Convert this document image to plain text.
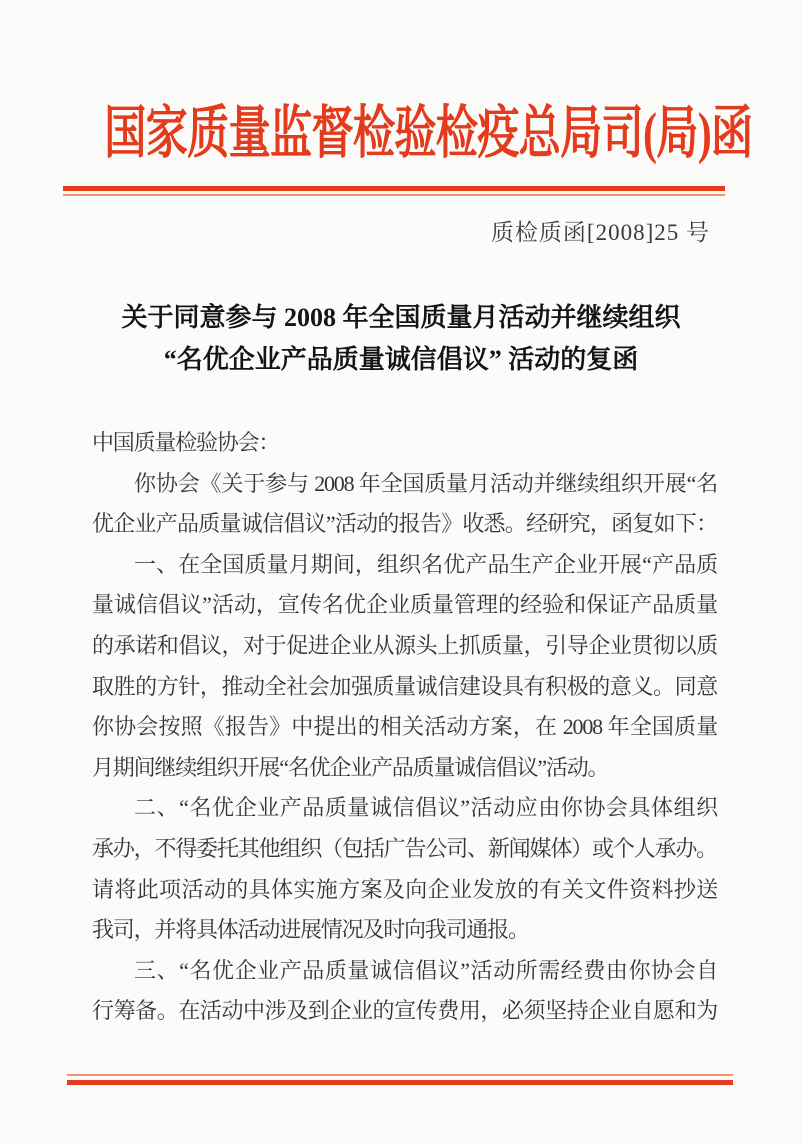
国家质量监督检验检疫总局司(局)函
质检质函[2008]25 号
关于同意参与 2008 年全国质量月活动并继续组织
“名优企业产品质量诚信倡议” 活动的复函
中国质量检验协会：
你协会《关于参与 2008 年全国质量月活动并继续组织开展“名
优企业产品质量诚信倡议”活动的报告》收悉。经研究，函复如下：
一、在全国质量月期间，组织名优产品生产企业开展“产品质
量诚信倡议”活动，宣传名优企业质量管理的经验和保证产品质量
的承诺和倡议，对于促进企业从源头上抓质量，引导企业贯彻以质
取胜的方针，推动全社会加强质量诚信建设具有积极的意义。同意
你协会按照《报告》中提出的相关活动方案，在 2008 年全国质量
月期间继续组织开展“名优企业产品质量诚信倡议”活动。
二、“名优企业产品质量诚信倡议”活动应由你协会具体组织
承办，不得委托其他组织（包括广告公司、新闻媒体）或个人承办。
请将此项活动的具体实施方案及向企业发放的有关文件资料抄送
我司，并将具体活动进展情况及时向我司通报。
三、“名优企业产品质量诚信倡议”活动所需经费由你协会自
行筹备。在活动中涉及到企业的宣传费用，必须坚持企业自愿和为
